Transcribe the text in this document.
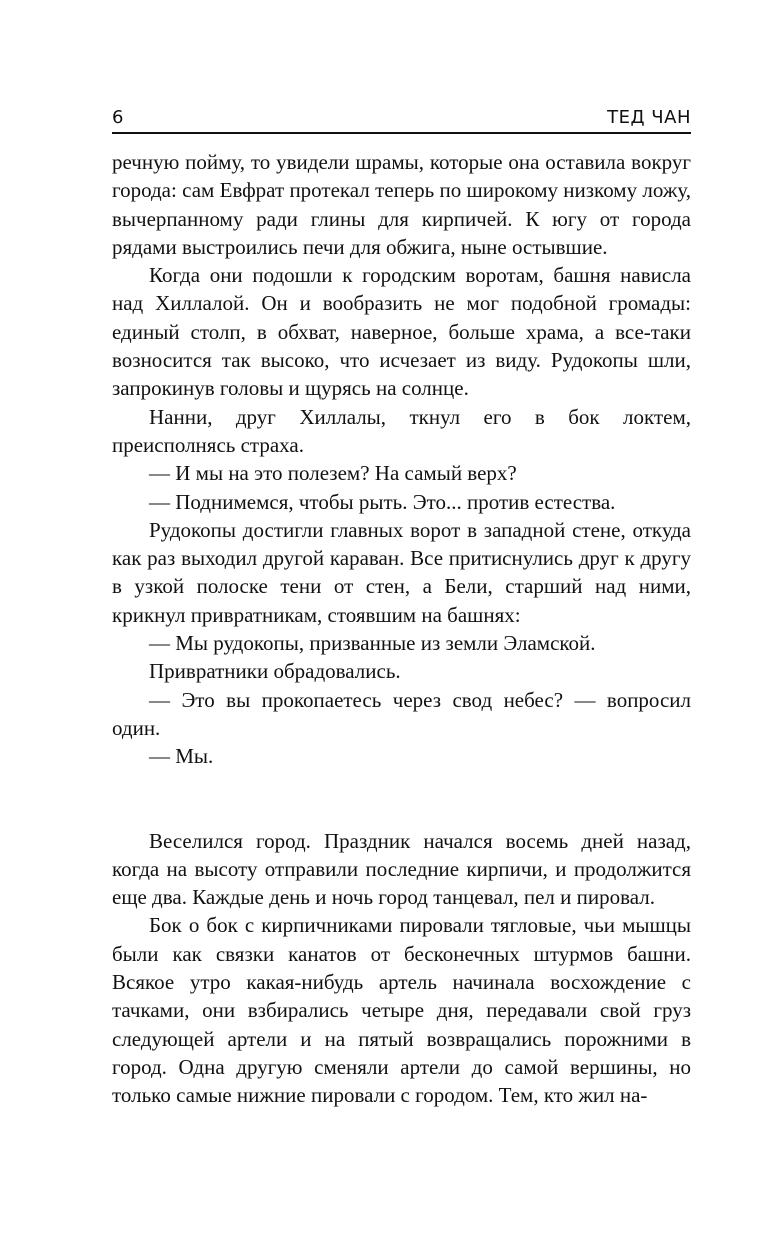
6	ТЕД ЧАН

речную пойму, то увидели шрамы, которые она оставила вокруг города: сам Евфрат протекал теперь по широкому низкому ложу, вычерпанному ради глины для кирпичей. К югу от города рядами выстроились печи для обжига, ныне остывшие.

Когда они подошли к городским воротам, башня нависла над Хиллалой. Он и вообразить не мог подобной громады: единый столп, в обхват, наверное, больше храма, а все-таки возносится так высоко, что исчезает из виду. Рудокопы шли, запрокинув головы и щурясь на солнце.

Нанни, друг Хиллалы, ткнул его в бок локтем, преисполнясь страха.

— И мы на это полезем? На самый верх?

— Поднимемся, чтобы рыть. Это... против естества.

Рудокопы достигли главных ворот в западной стене, откуда как раз выходил другой караван. Все притиснулись друг к другу в узкой полоске тени от стен, а Бели, старший над ними, крикнул привратникам, стоявшим на башнях:

— Мы рудокопы, призванные из земли Эламской.

Привратники обрадовались.

— Это вы прокопаетесь через свод небес? — вопросил один.

— Мы.

Веселился город. Праздник начался восемь дней назад, когда на высоту отправили последние кирпичи, и продолжится еще два. Каждые день и ночь город танцевал, пел и пировал.

Бок о бок с кирпичниками пировали тягловые, чьи мышцы были как связки канатов от бесконечных штурмов башни. Всякое утро какая-нибудь артель начинала восхождение с тачками, они взбирались четыре дня, передавали свой груз следующей артели и на пятый возвращались порожними в город. Одна другую сменяли артели до самой вершины, но только самые нижние пировали с городом. Тем, кто жил на-
